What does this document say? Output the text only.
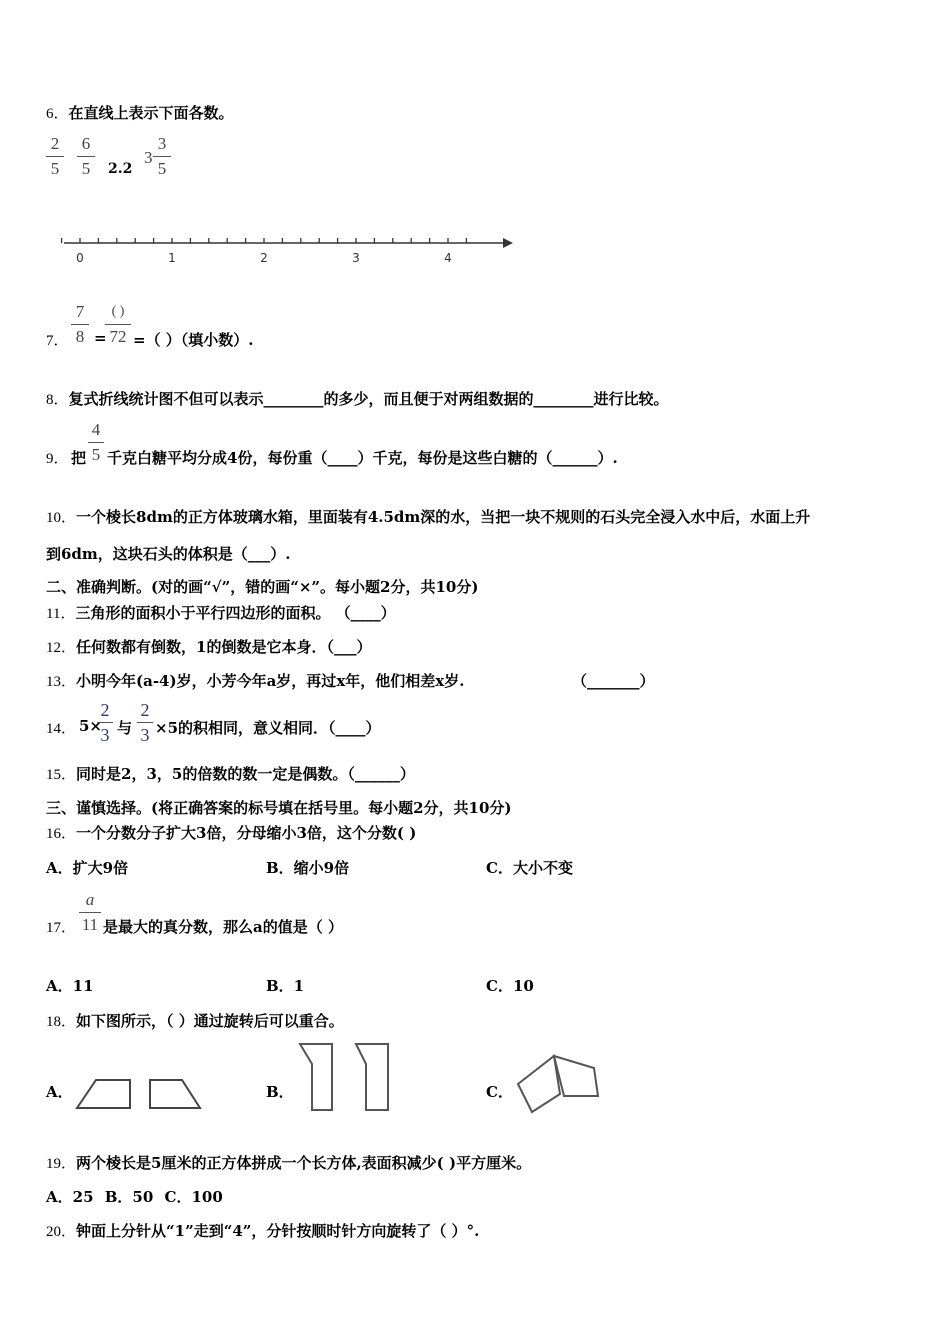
6．在直线上表示下面各数。
2
5
6
5	2.2
3
3
5
0	1	2	3	4
7．
7
8 =
( )
72 =（ ）（填小数）.
8．复式折线统计图不但可以表示________的多少，而且便于对两组数据的________进行比较。
9． 把
4
5 千克白糖平均分成4份，每份重（____）千克，每份是这些白糖的（______）.
10．一个棱长8dm的正方体玻璃水箱，里面装有4.5dm深的水，当把一块不规则的石头完全浸入水中后，水面上升
到6dm，这块石头的体积是（___）.
二、准确判断。(对的画“√”，错的画“×”。每小题2分，共10分)
11．三角形的面积小于平行四边形的面积。 （____）
12．任何数都有倒数，1的倒数是它本身．（___）
13．小明今年(a-4)岁，小芳今年a岁，再过x年，他们相差x岁.	（_______）
14． 5×
2
3 与
2
3 ×5的积相同，意义相同．（____）
15．同时是2，3，5的倍数的数一定是偶数。（______）
三、谨慎选择。(将正确答案的标号填在括号里。每小题2分，共10分)
16．一个分数分子扩大3倍，分母缩小3倍，这个分数( )
A．扩大9倍	B．缩小9倍	C．大小不变
17．
a
11 是最大的真分数，那么a的值是（ ）
A．11	B．1	C．10
18．如下图所示，（ ）通过旋转后可以重合。
A．	B．	C．
19．两个棱长是5厘米的正方体拼成一个长方体,表面积减少( )平方厘米。
A．25 B．50 C．100
20．钟面上分针从“1”走到“4”，分针按顺时针方向旋转了（ ）°.
